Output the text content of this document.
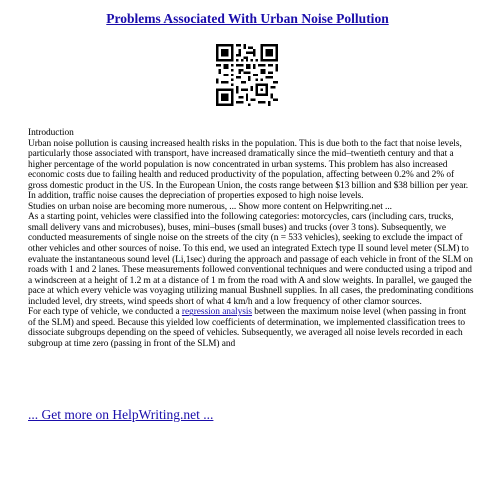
Problems Associated With Urban Noise Pollution

Introduction

Urban noise pollution is causing increased health risks in the population. This is due both to the fact that noise levels, particularly those associated with transport, have increased dramatically since the mid–twentieth century and that a higher percentage of the world population is now concentrated in urban systems. This problem has also increased economic costs due to failing health and reduced productivity of the population, affecting between 0.2% and 2% of gross domestic product in the US. In the European Union, the costs range between $13 billion and $38 billion per year. In addition, traffic noise causes the depreciation of properties exposed to high noise levels.

Studies on urban noise are becoming more numerous, ... Show more content on Helpwriting.net ...

As a starting point, vehicles were classified into the following categories: motorcycles, cars (including cars, trucks, small delivery vans and microbuses), buses, mini–buses (small buses) and trucks (over 3 tons). Subsequently, we conducted measurements of single noise on the streets of the city (n = 533 vehicles), seeking to exclude the impact of other vehicles and other sources of noise. To this end, we used an integrated Extech type II sound level meter (SLM) to evaluate the instantaneous sound level (Li,1sec) during the approach and passage of each vehicle in front of the SLM on roads with 1 and 2 lanes. These measurements followed conventional techniques and were conducted using a tripod and a windscreen at a height of 1.2 m at a distance of 1 m from the road with A and slow weights. In parallel, we gauged the pace at which every vehicle was voyaging utilizing manual Bushnell supplies. In all cases, the predominating conditions included level, dry streets, wind speeds short of what 4 km/h and a low frequency of other clamor sources.

For each type of vehicle, we conducted a regression analysis between the maximum noise level (when passing in front of the SLM) and speed. Because this yielded low coefficients of determination, we implemented classification trees to dissociate subgroups depending on the speed of vehicles. Subsequently, we averaged all noise levels recorded in each subgroup at time zero (passing in front of the SLM) and

... Get more on HelpWriting.net ...
